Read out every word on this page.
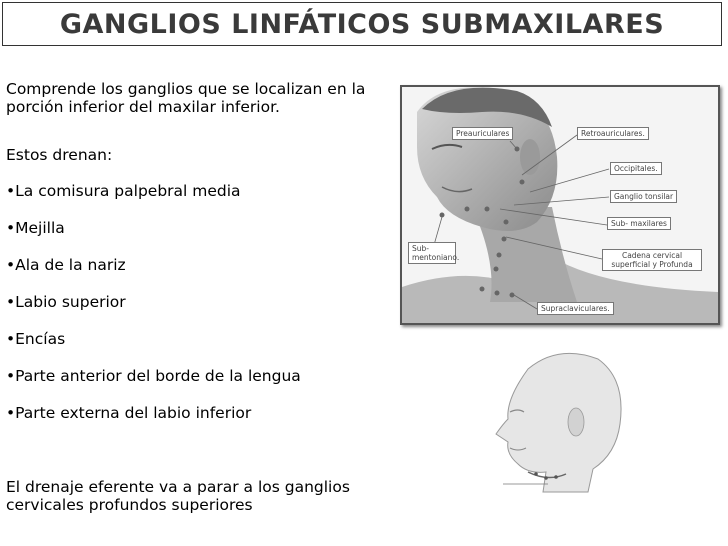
GANGLIOS LINFÁTICOS SUBMAXILARES

Comprende los ganglios que se localizan en la porción inferior del maxilar inferior.

Estos drenan:

•La comisura palpebral media
•Mejilla
•Ala de la nariz
•Labio superior
•Encías
•Parte anterior del borde de la lengua
•Parte externa del labio inferior

El drenaje eferente va a parar a los ganglios cervicales profundos superiores

Preauriculares	Retroauriculares.
Occipitales.
Ganglio tonsilar
Sub- maxilares
Sub-mentoniano.	Cadena cervical superficial y Profunda
Supraclaviculares.
